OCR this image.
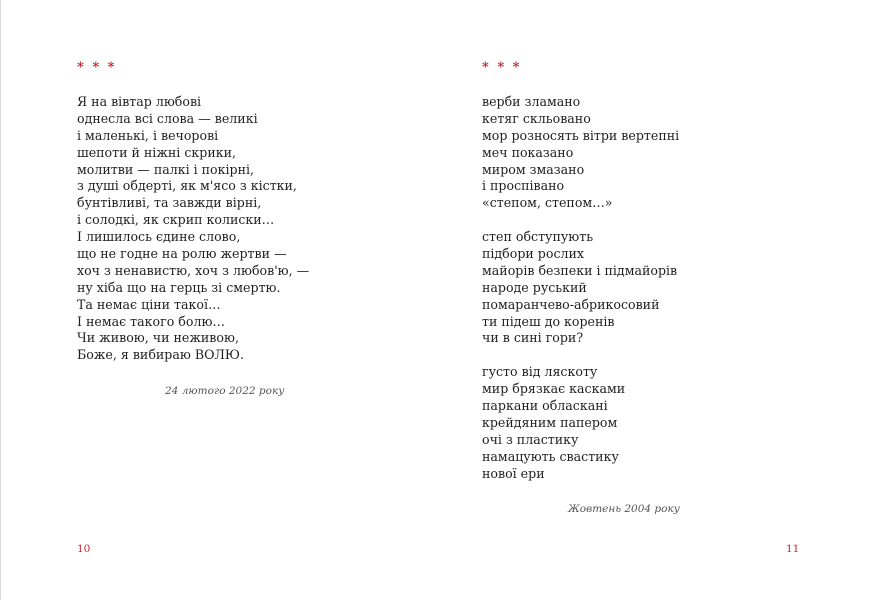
* * *
Я на вівтар любові
однесла всі слова — великі
і маленькі, і вечорові
шепоти й ніжні скрики,
молитви — палкі і покірні,
з душі обдерті, як м'ясо з кістки,
бунтівливі, та завжди вірні,
і солодкі, як скрип колиски…
І лишилось єдине слово,
що не годне на ролю жертви —
хоч з ненавистю, хоч з любов'ю, —
ну хіба що на герць зі смертю.
Та немає ціни такої…
І немає такого болю…
Чи живою, чи неживою,
Боже, я вибираю ВОЛЮ.
24 лютого 2022 року
10
* * *
верби зламано
кетяг скльовано
мор розносять вітри вертепні
меч показано
миром змазано
і проспівано
«степом, степом…»
степ обступують
підбори рослих
майорів безпеки і підмайорів
народе руський
помаранчево-абрикосовий
ти підеш до коренів
чи в сині гори?
густо від ляскоту
мир брязкає касками
паркани обласкані
крейдяним папером
очі з пластику
намацують свастику
нової ери
Жовтень 2004 року
11
